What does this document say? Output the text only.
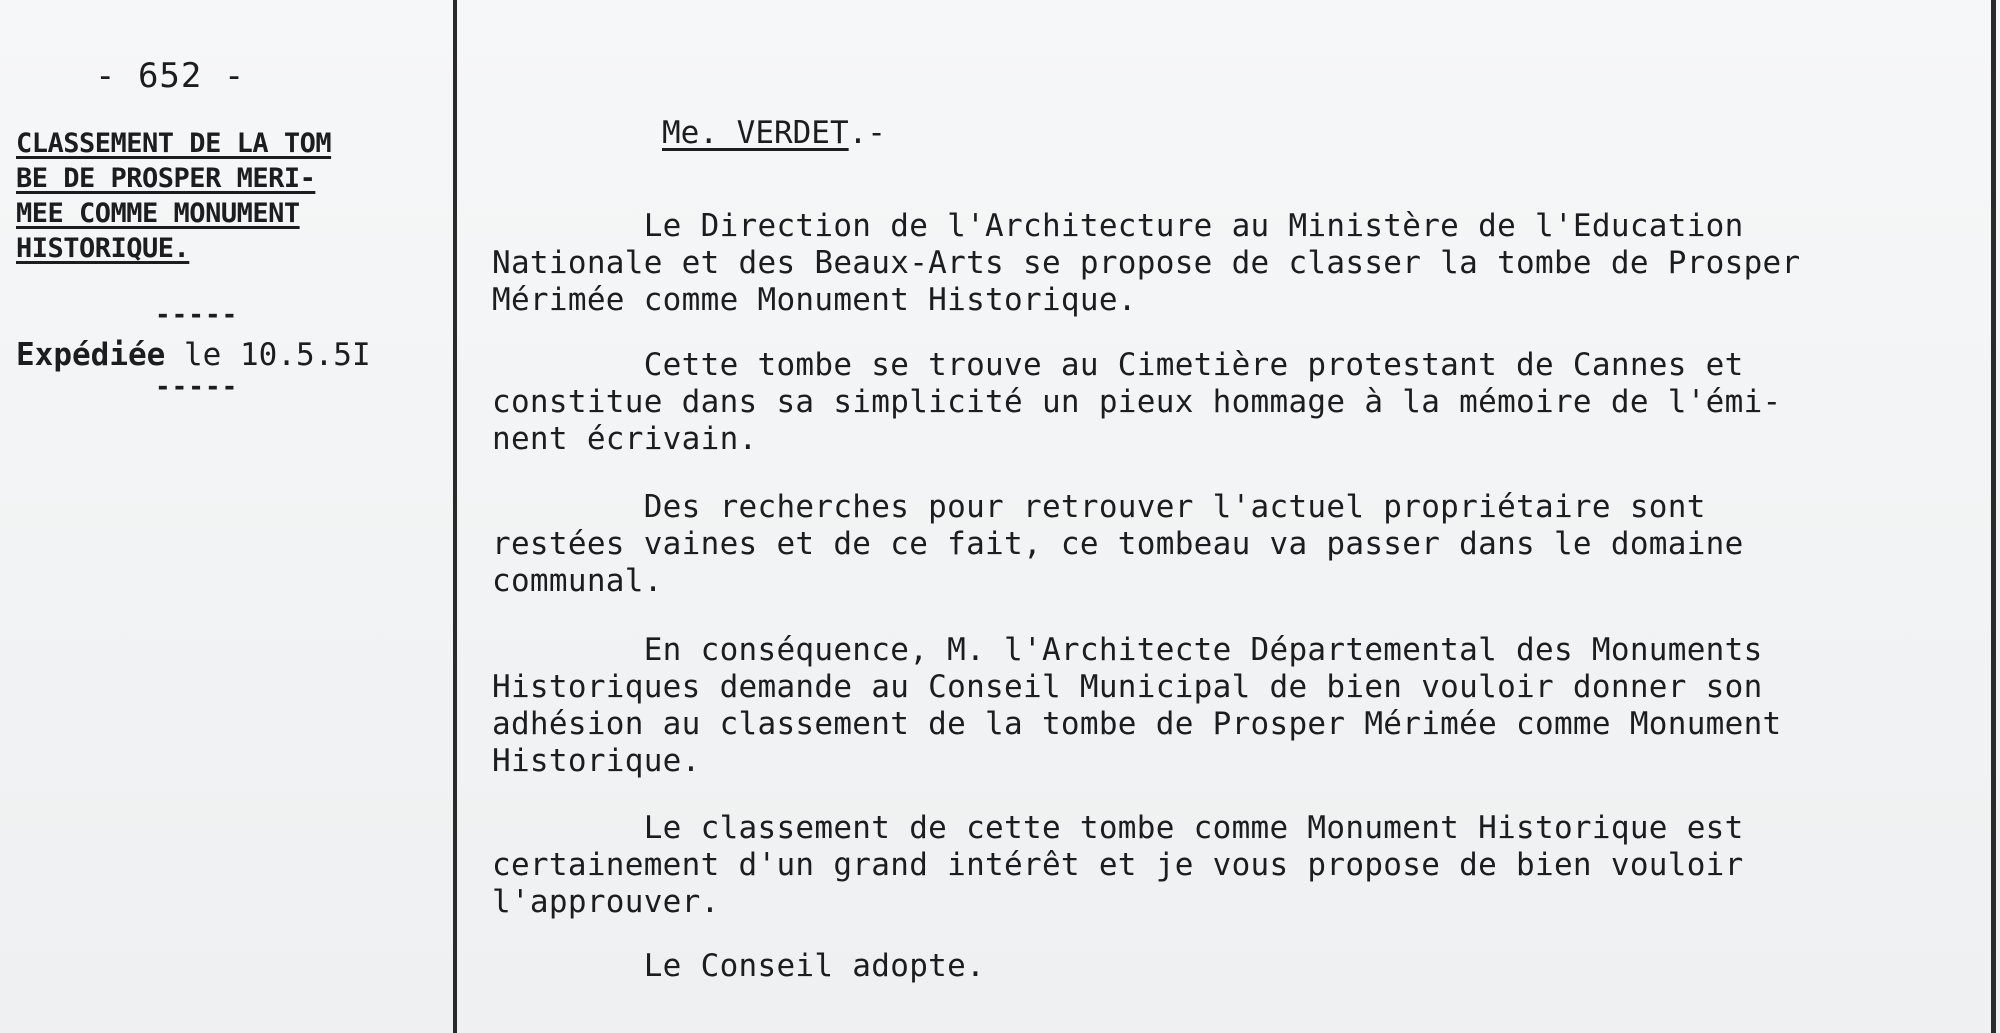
- 652 -
CLASSEMENT DE LA TOM
BE DE PROSPER MERI-
MEE COMME MONUMENT
HISTORIQUE.
-----
Expédiée le 10.5.5I
-----
Me. VERDET.-

Le Direction de l'Architecture au Ministère de l'Education
Nationale et des Beaux-Arts se propose de classer la tombe de Prosper
Mérimée comme Monument Historique.

Cette tombe se trouve au Cimetière protestant de Cannes et
constitue dans sa simplicité un pieux hommage à la mémoire de l'émi-
nent écrivain.

Des recherches pour retrouver l'actuel propriétaire sont
restées vaines et de ce fait, ce tombeau va passer dans le domaine
communal.

En conséquence, M. l'Architecte Départemental des Monuments
Historiques demande au Conseil Municipal de bien vouloir donner son
adhésion au classement de la tombe de Prosper Mérimée comme Monument
Historique.

Le classement de cette tombe comme Monument Historique est
certainement d'un grand intérêt et je vous propose de bien vouloir
l'approuver.

Le Conseil adopte.
